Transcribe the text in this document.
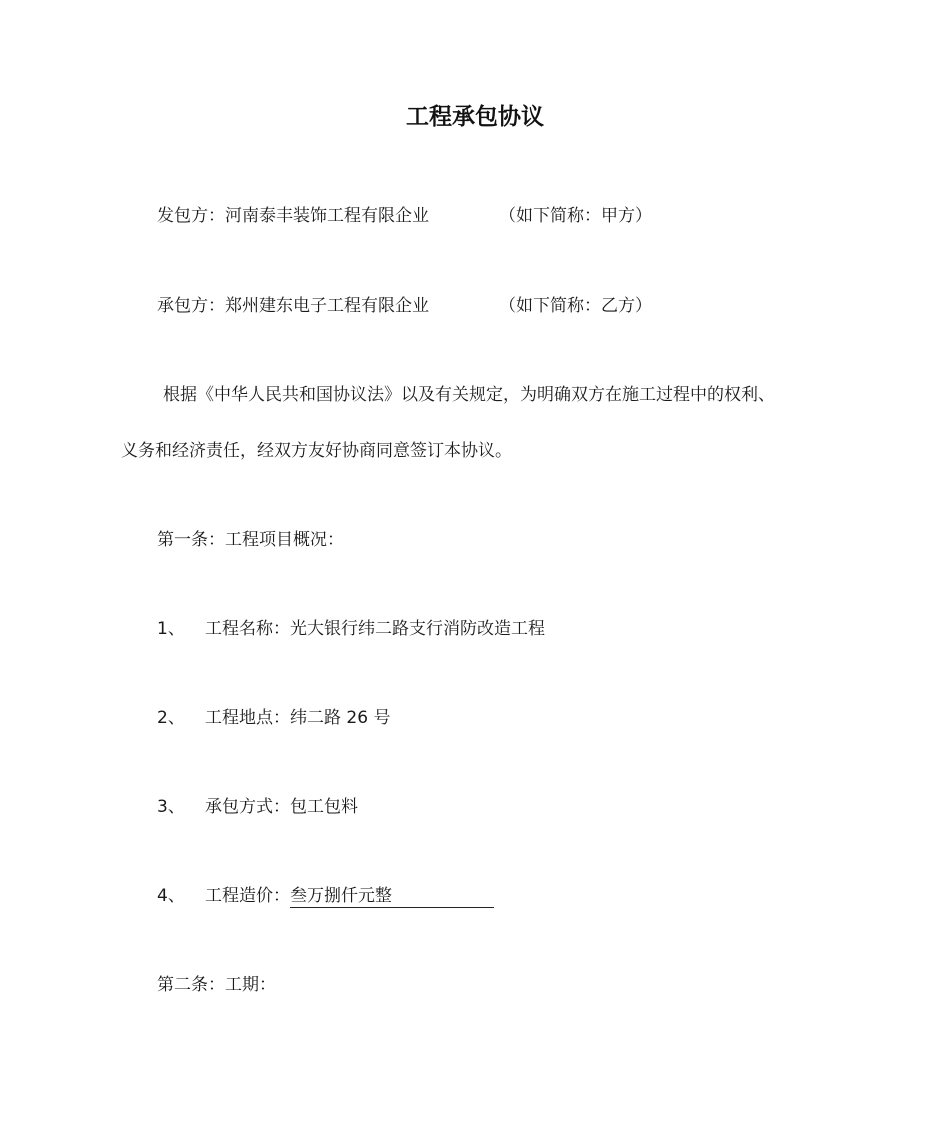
工程承包协议
发包方：河南泰丰装饰工程有限企业	（如下简称：甲方）
承包方：郑州建东电子工程有限企业	（如下简称：乙方）
根据《中华人民共和国协议法》以及有关规定，为明确双方在施工过程中的权利、
义务和经济责任，经双方友好协商同意签订本协议。
第一条：工程项目概况：
1、 工程名称：光大银行纬二路支行消防改造工程
2、 工程地点：纬二路 26 号
3、 承包方式：包工包料
4、 工程造价：叁万捌仟元整
第二条：工期：
